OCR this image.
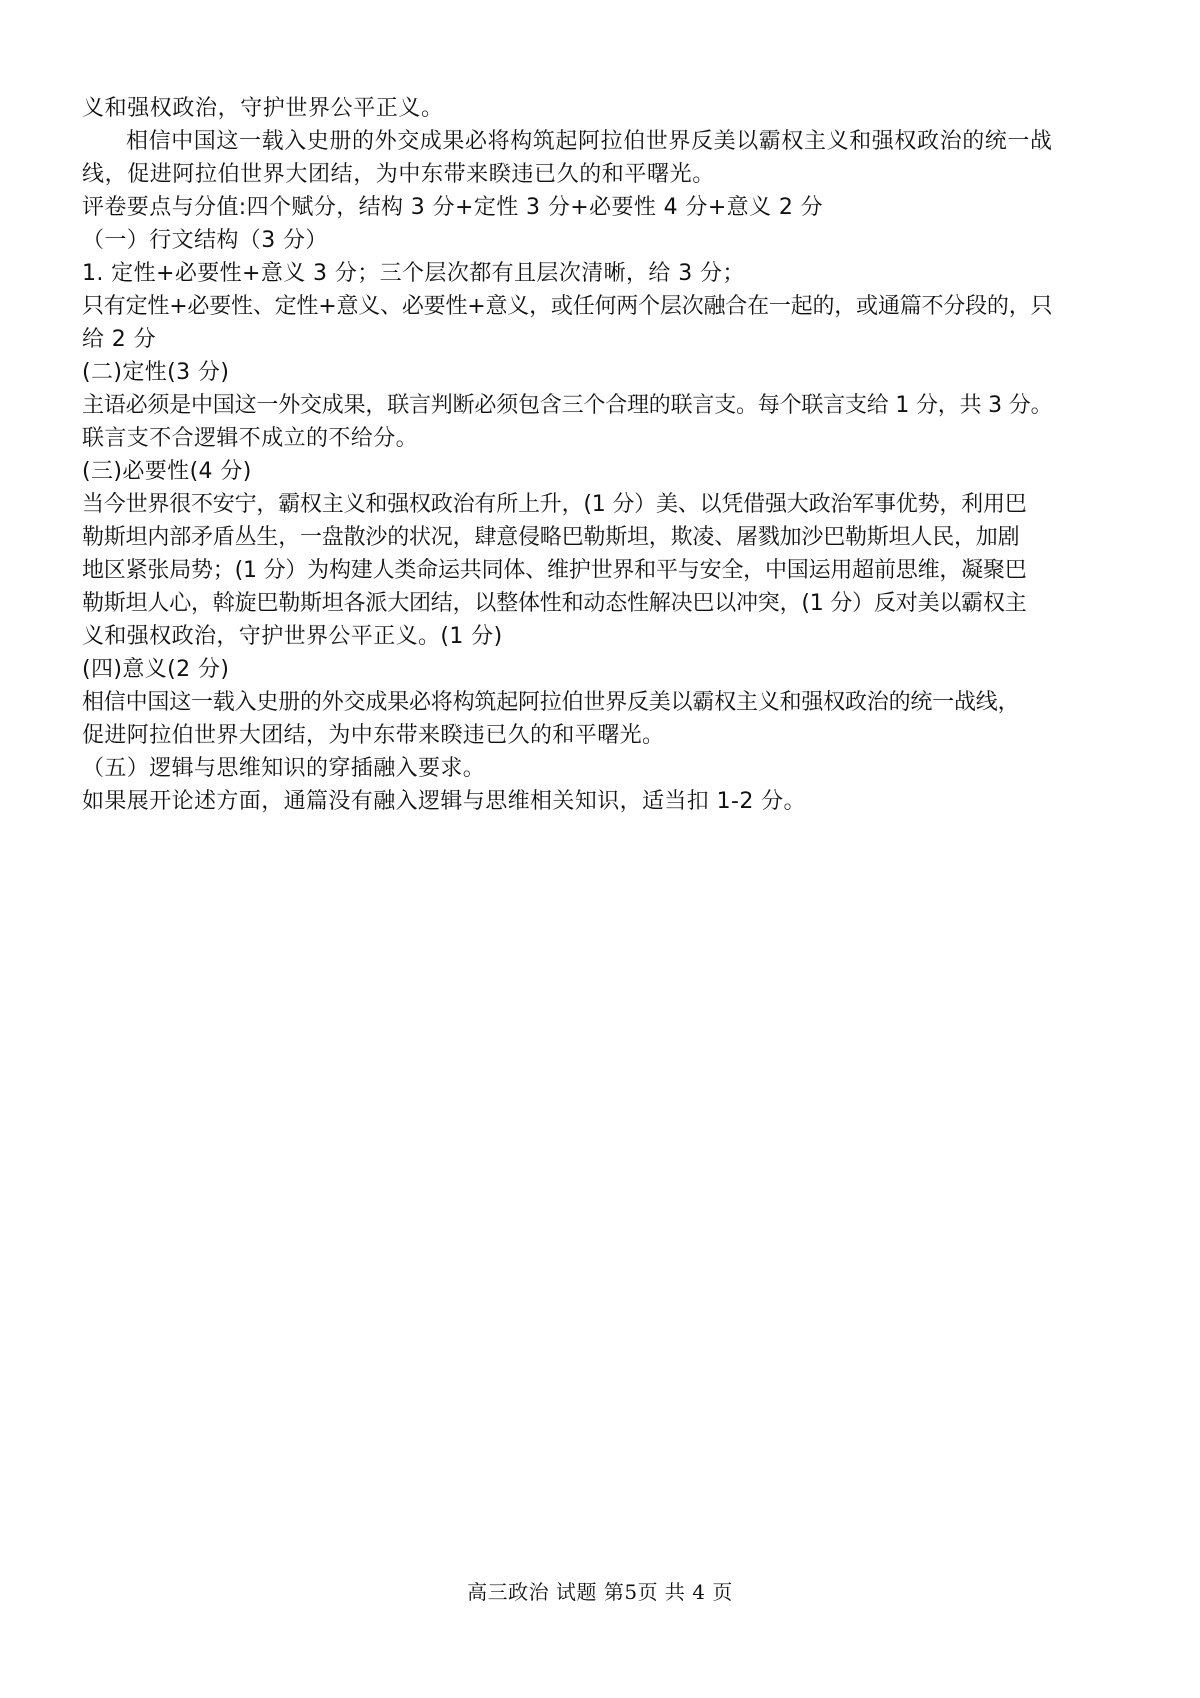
义和强权政治，守护世界公平正义。

相信中国这一载入史册的外交成果必将构筑起阿拉伯世界反美以霸权主义和强权政治的统一战

线，促进阿拉伯世界大团结，为中东带来睽违已久的和平曙光。

评卷要点与分值:四个赋分，结构 3 分+定性 3 分+必要性 4 分+意义 2 分

（一）行文结构（3 分）

1. 定性+必要性+意义 3 分；三个层次都有且层次清晰，给 3 分；

只有定性+必要性、定性+意义、必要性+意义，或任何两个层次融合在一起的，或通篇不分段的，只

给 2 分

(二)定性(3 分)

主语必须是中国这一外交成果，联言判断必须包含三个合理的联言支。每个联言支给 1 分，共 3 分。

联言支不合逻辑不成立的不给分。

(三)必要性(4 分)

当今世界很不安宁，霸权主义和强权政治有所上升，(1 分）美、以凭借强大政治军事优势，利用巴

勒斯坦内部矛盾丛生，一盘散沙的状况，肆意侵略巴勒斯坦，欺凌、屠戮加沙巴勒斯坦人民，加剧

地区紧张局势；(1 分）为构建人类命运共同体、维护世界和平与安全，中国运用超前思维，凝聚巴

勒斯坦人心，斡旋巴勒斯坦各派大团结，以整体性和动态性解决巴以冲突，(1 分）反对美以霸权主

义和强权政治，守护世界公平正义。(1 分)

(四)意义(2 分)

相信中国这一载入史册的外交成果必将构筑起阿拉伯世界反美以霸权主义和强权政治的统一战线，

促进阿拉伯世界大团结，为中东带来睽违已久的和平曙光。

（五）逻辑与思维知识的穿插融入要求。

如果展开论述方面，通篇没有融入逻辑与思维相关知识，适当扣 1-2 分。

高三政治 试题 第5页 共 4 页
